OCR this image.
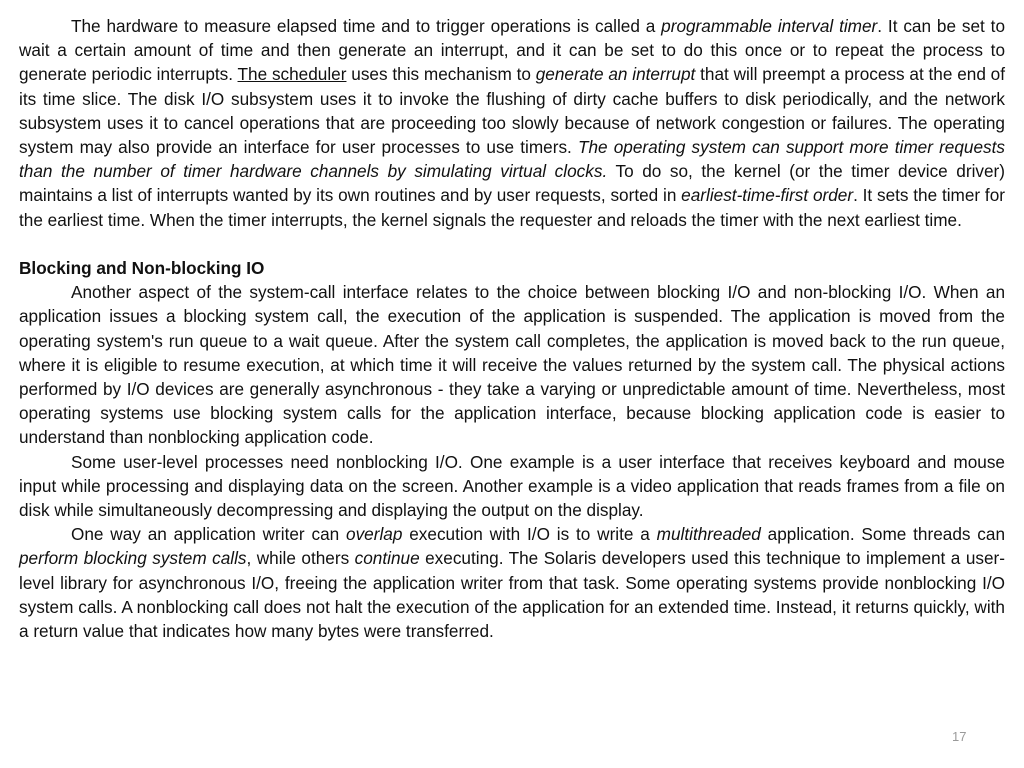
The hardware to measure elapsed time and to trigger operations is called a programmable interval timer. It can be set to wait a certain amount of time and then generate an interrupt, and it can be set to do this once or to repeat the process to generate periodic interrupts. The scheduler uses this mechanism to generate an interrupt that will preempt a process at the end of its time slice. The disk I/O subsystem uses it to invoke the flushing of dirty cache buffers to disk periodically, and the network subsystem uses it to cancel operations that are proceeding too slowly because of network congestion or failures. The operating system may also provide an interface for user processes to use timers. The operating system can support more timer requests than the number of timer hardware channels by simulating virtual clocks. To do so, the kernel (or the timer device driver) maintains a list of interrupts wanted by its own routines and by user requests, sorted in earliest-time-first order. It sets the timer for the earliest time. When the timer interrupts, the kernel signals the requester and reloads the timer with the next earliest time.

Blocking and Non-blocking IO

Another aspect of the system-call interface relates to the choice between blocking I/O and non-blocking I/O. When an application issues a blocking system call, the execution of the application is suspended. The application is moved from the operating system's run queue to a wait queue. After the system call completes, the application is moved back to the run queue, where it is eligible to resume execution, at which time it will receive the values returned by the system call. The physical actions performed by I/O devices are generally asynchronous - they take a varying or unpredictable amount of time. Nevertheless, most operating systems use blocking system calls for the application interface, because blocking application code is easier to understand than nonblocking application code.

Some user-level processes need nonblocking I/O. One example is a user interface that receives keyboard and mouse input while processing and displaying data on the screen. Another example is a video application that reads frames from a file on disk while simultaneously decompressing and displaying the output on the display.

One way an application writer can overlap execution with I/O is to write a multithreaded application. Some threads can perform blocking system calls, while others continue executing. The Solaris developers used this technique to implement a user-level library for asynchronous I/O, freeing the application writer from that task. Some operating systems provide nonblocking I/O system calls. A nonblocking call does not halt the execution of the application for an extended time. Instead, it returns quickly, with a return value that indicates how many bytes were transferred.

17
